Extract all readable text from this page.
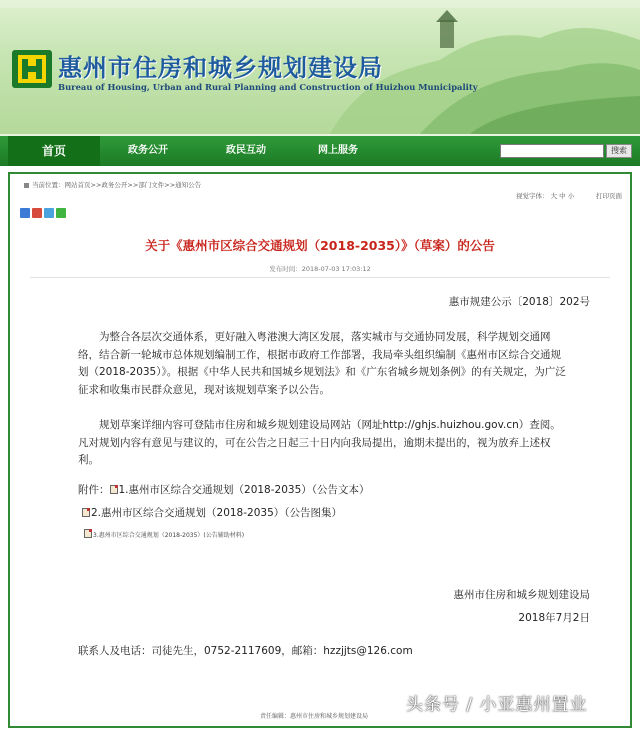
惠州市住房和城乡规划建设局
Bureau of Housing, Urban and Rural Planning and Construction of Huizhou Municipality
首页	政务公开	政民互动	网上服务	搜索
当前位置：网站首页>>政务公开>>部门文件>>通知公告
视觉字体： 大 中 小	打印页面
关于《惠州市区综合交通规划（2018-2035）》（草案）的公告
发布时间：2018-07-03 17:03:12
惠市规建公示〔2018〕202号
　　为整合各层次交通体系，更好融入粤港澳大湾区发展，落实城市与交通协同发展，科学规划交通网络，结合新一轮城市总体规划编制工作，根据市政府工作部署，我局牵头组织编制《惠州市区综合交通规划（2018-2035）》。根据《中华人民共和国城乡规划法》和《广东省城乡规划条例》的有关规定，为广泛征求和收集市民群众意见，现对该规划草案予以公告。
　　规划草案详细内容可登陆市住房和城乡规划建设局网站（网址http://ghjs.huizhou.gov.cn）查阅。凡对规划内容有意见与建议的，可在公告之日起三十日内向我局提出，逾期未提出的，视为放弃上述权利。
附件： 1.惠州市区综合交通规划（2018-2035）（公告文本）
2.惠州市区综合交通规划（2018-2035）（公告图集）
3.惠州市区综合交通规划（2018-2035）(公告辅助材料)
惠州市住房和城乡规划建设局
2018年7月2日
联系人及电话：司徒先生，0752-2117609，邮箱：hzzjjts@126.com
责任编辑：惠州市住房和城乡规划建设局
头条号 / 小亚惠州置业
